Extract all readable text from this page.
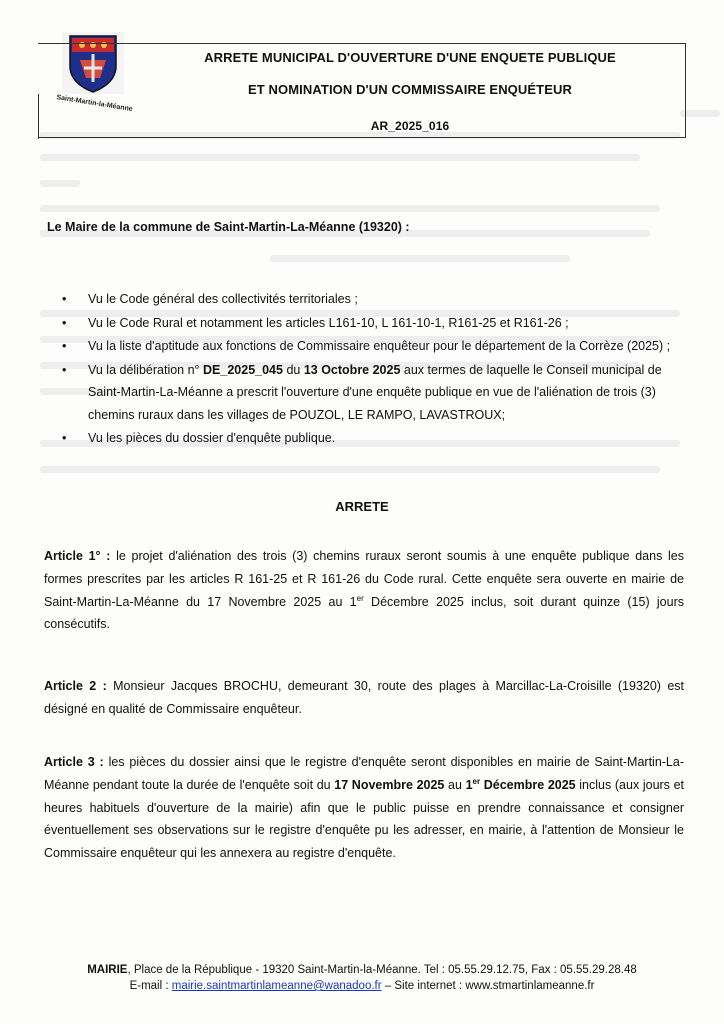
Saint-Martin-la-Méanne
ARRETE MUNICIPAL D'OUVERTURE D'UNE ENQUETE PUBLIQUE
ET NOMINATION D'UN COMMISSAIRE ENQUÉTEUR
AR_2025_016
Le Maire de la commune de Saint-Martin-La-Méanne (19320) :
• Vu le Code général des collectivités territoriales ;
• Vu le Code Rural et notamment les articles L161-10, L 161-10-1, R161-25 et R161-26 ;
• Vu la liste d'aptitude aux fonctions de Commissaire enquêteur pour le département de la Corrèze (2025) ;
• Vu la délibération n° DE_2025_045 du 13 Octobre 2025 aux termes de laquelle le Conseil municipal de Saint-Martin-La-Méanne a prescrit l'ouverture d'une enquête publique en vue de l'aliénation de trois (3) chemins ruraux dans les villages de POUZOL, LE RAMPO, LAVASTROUX;
• Vu les pièces du dossier d'enquête publique.
ARRETE
Article 1° : le projet d'aliénation des trois (3) chemins ruraux seront soumis à une enquête publique dans les formes prescrites par les articles R 161-25 et R 161-26 du Code rural. Cette enquête sera ouverte en mairie de Saint-Martin-La-Méanne du 17 Novembre 2025 au 1er Décembre 2025 inclus, soit durant quinze (15) jours consécutifs.
Article 2 : Monsieur Jacques BROCHU, demeurant 30, route des plages à Marcillac-La-Croisille (19320) est désigné en qualité de Commissaire enquêteur.
Article 3 : les pièces du dossier ainsi que le registre d'enquête seront disponibles en mairie de Saint-Martin-La-Méanne pendant toute la durée de l'enquête soit du 17 Novembre 2025 au 1er Décembre 2025 inclus (aux jours et heures habituels d'ouverture de la mairie) afin que le public puisse en prendre connaissance et consigner éventuellement ses observations sur le registre d'enquête pu les adresser, en mairie, à l'attention de Monsieur le Commissaire enquêteur qui les annexera au registre d'enquête.
MAIRIE, Place de la République - 19320 Saint-Martin-la-Méanne. Tel : 05.55.29.12.75, Fax : 05.55.29.28.48
E-mail : mairie.saintmartinlameanne@wanadoo.fr – Site internet : www.stmartinlameanne.fr
